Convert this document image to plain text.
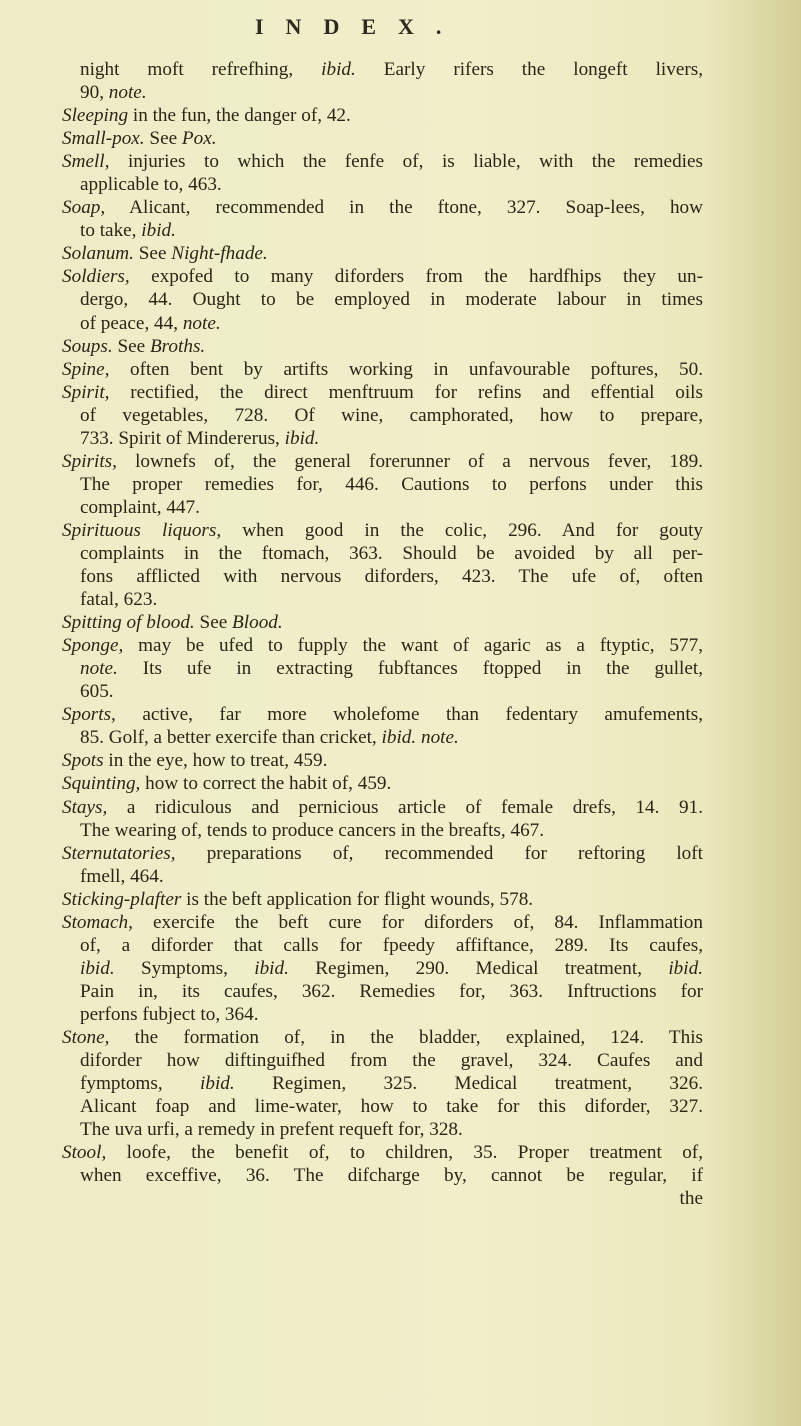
INDEX.
night moft refrefhing, ibid. Early rifers the longeft livers,
90, note.
Sleeping in the fun, the danger of, 42.
Small-pox. See Pox.
Smell, injuries to which the fenfe of, is liable, with the remedies
applicable to, 463.
Soap, Alicant, recommended in the ftone, 327. Soap-lees, how
to take, ibid.
Solanum. See Night-fhade.
Soldiers, expofed to many diforders from the hardfhips they un-
dergo, 44. Ought to be employed in moderate labour in times
of peace, 44, note.
Soups. See Broths.
Spine, often bent by artifts working in unfavourable poftures, 50.
Spirit, rectified, the direct menftruum for refins and effential oils
of vegetables, 728. Of wine, camphorated, how to prepare,
733. Spirit of Mindererus, ibid.
Spirits, lownefs of, the general forerunner of a nervous fever, 189.
The proper remedies for, 446. Cautions to perfons under this
complaint, 447.
Spirituous liquors, when good in the colic, 296. And for gouty
complaints in the ftomach, 363. Should be avoided by all per-
fons afflicted with nervous diforders, 423. The ufe of, often
fatal, 623.
Spitting of blood. See Blood.
Sponge, may be ufed to fupply the want of agaric as a ftyptic, 577,
note. Its ufe in extracting fubftances ftopped in the gullet,
605.
Sports, active, far more wholefome than fedentary amufements,
85. Golf, a better exercife than cricket, ibid. note.
Spots in the eye, how to treat, 459.
Squinting, how to correct the habit of, 459.
Stays, a ridiculous and pernicious article of female drefs, 14. 91.
The wearing of, tends to produce cancers in the breafts, 467.
Sternutatories, preparations of, recommended for reftoring loft
fmell, 464.
Sticking-plafter is the beft application for flight wounds, 578.
Stomach, exercife the beft cure for diforders of, 84. Inflammation
of, a diforder that calls for fpeedy affiftance, 289. Its caufes,
ibid. Symptoms, ibid. Regimen, 290. Medical treatment, ibid.
Pain in, its caufes, 362. Remedies for, 363. Inftructions for
perfons fubject to, 364.
Stone, the formation of, in the bladder, explained, 124. This
diforder how diftinguifhed from the gravel, 324. Caufes and
fymptoms, ibid. Regimen, 325. Medical treatment, 326.
Alicant foap and lime-water, how to take for this diforder, 327.
The uva urfi, a remedy in prefent requeft for, 328.
Stool, loofe, the benefit of, to children, 35. Proper treatment of,
when exceffive, 36. The difcharge by, cannot be regular, if
the
